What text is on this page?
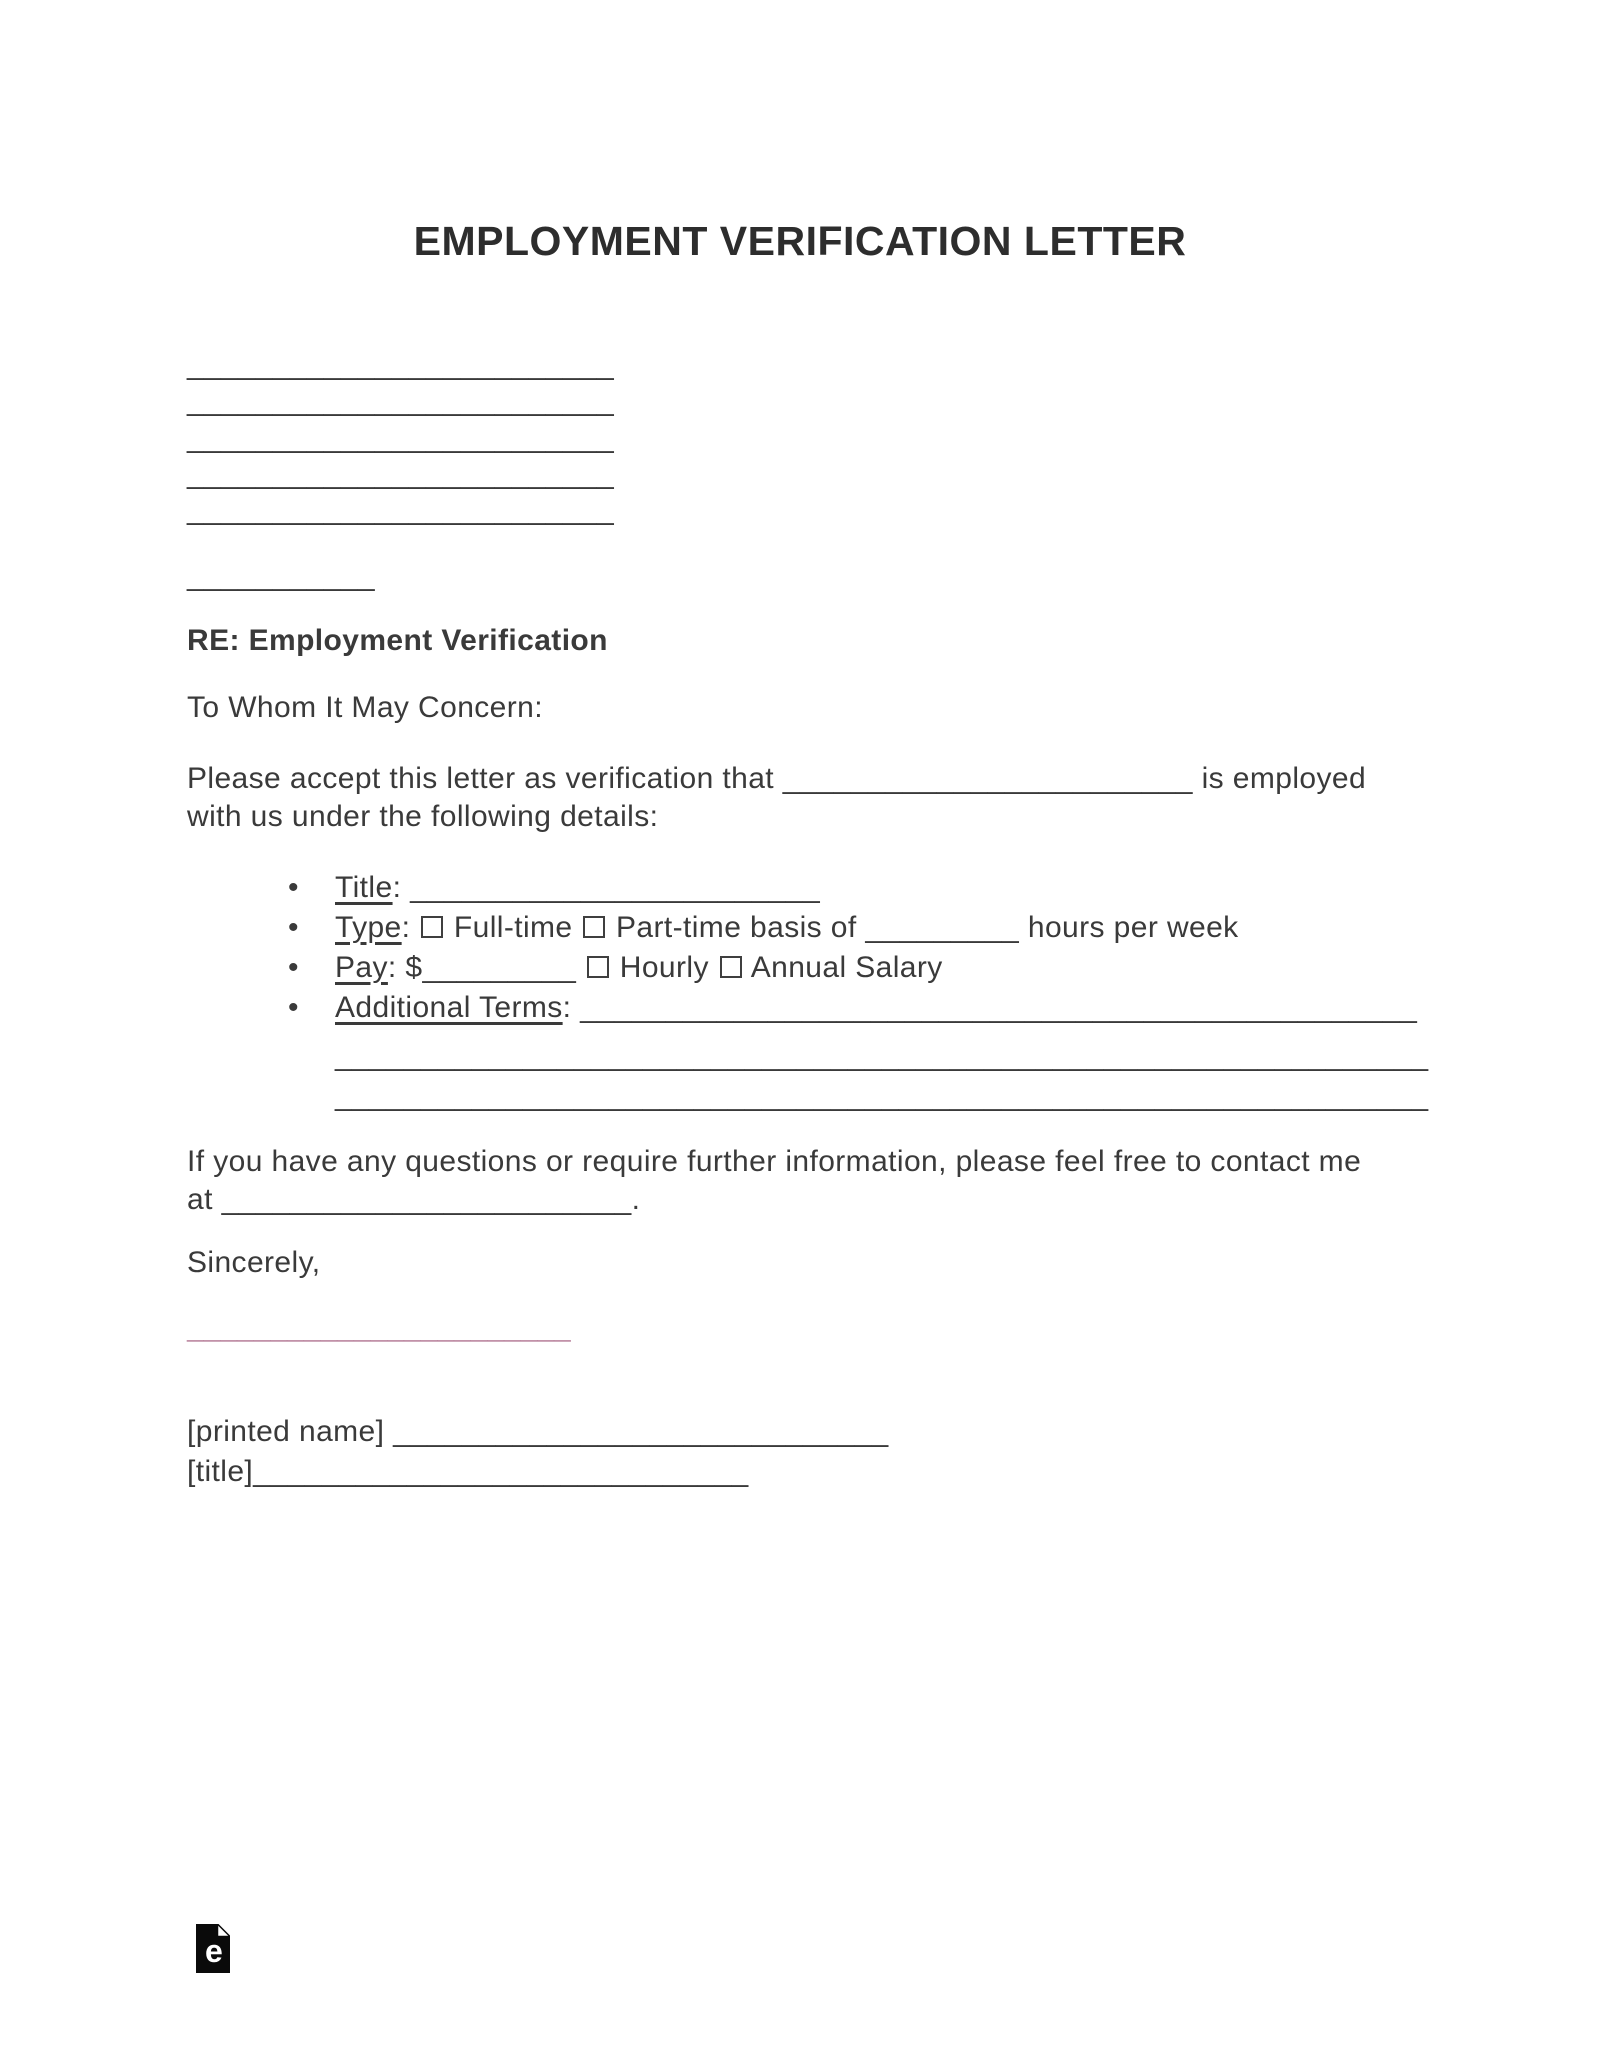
EMPLOYMENT VERIFICATION LETTER
_________________________
_________________________
_________________________
_________________________
_________________________
___________
RE: Employment Verification
To Whom It May Concern:
Please accept this letter as verification that ________________________ is employed
with us under the following details:
• Title: ________________________
• Type: Full-time Part-time basis of _________ hours per week
• Pay: $_________ Hourly Annual Salary
• Additional Terms: _________________________________________________
________________________________________________________________
________________________________________________________________
If you have any questions or require further information, please feel free to contact me
at ________________________.
Sincerely,
_______________________
[printed name] _____________________________
[title]_____________________________
e
